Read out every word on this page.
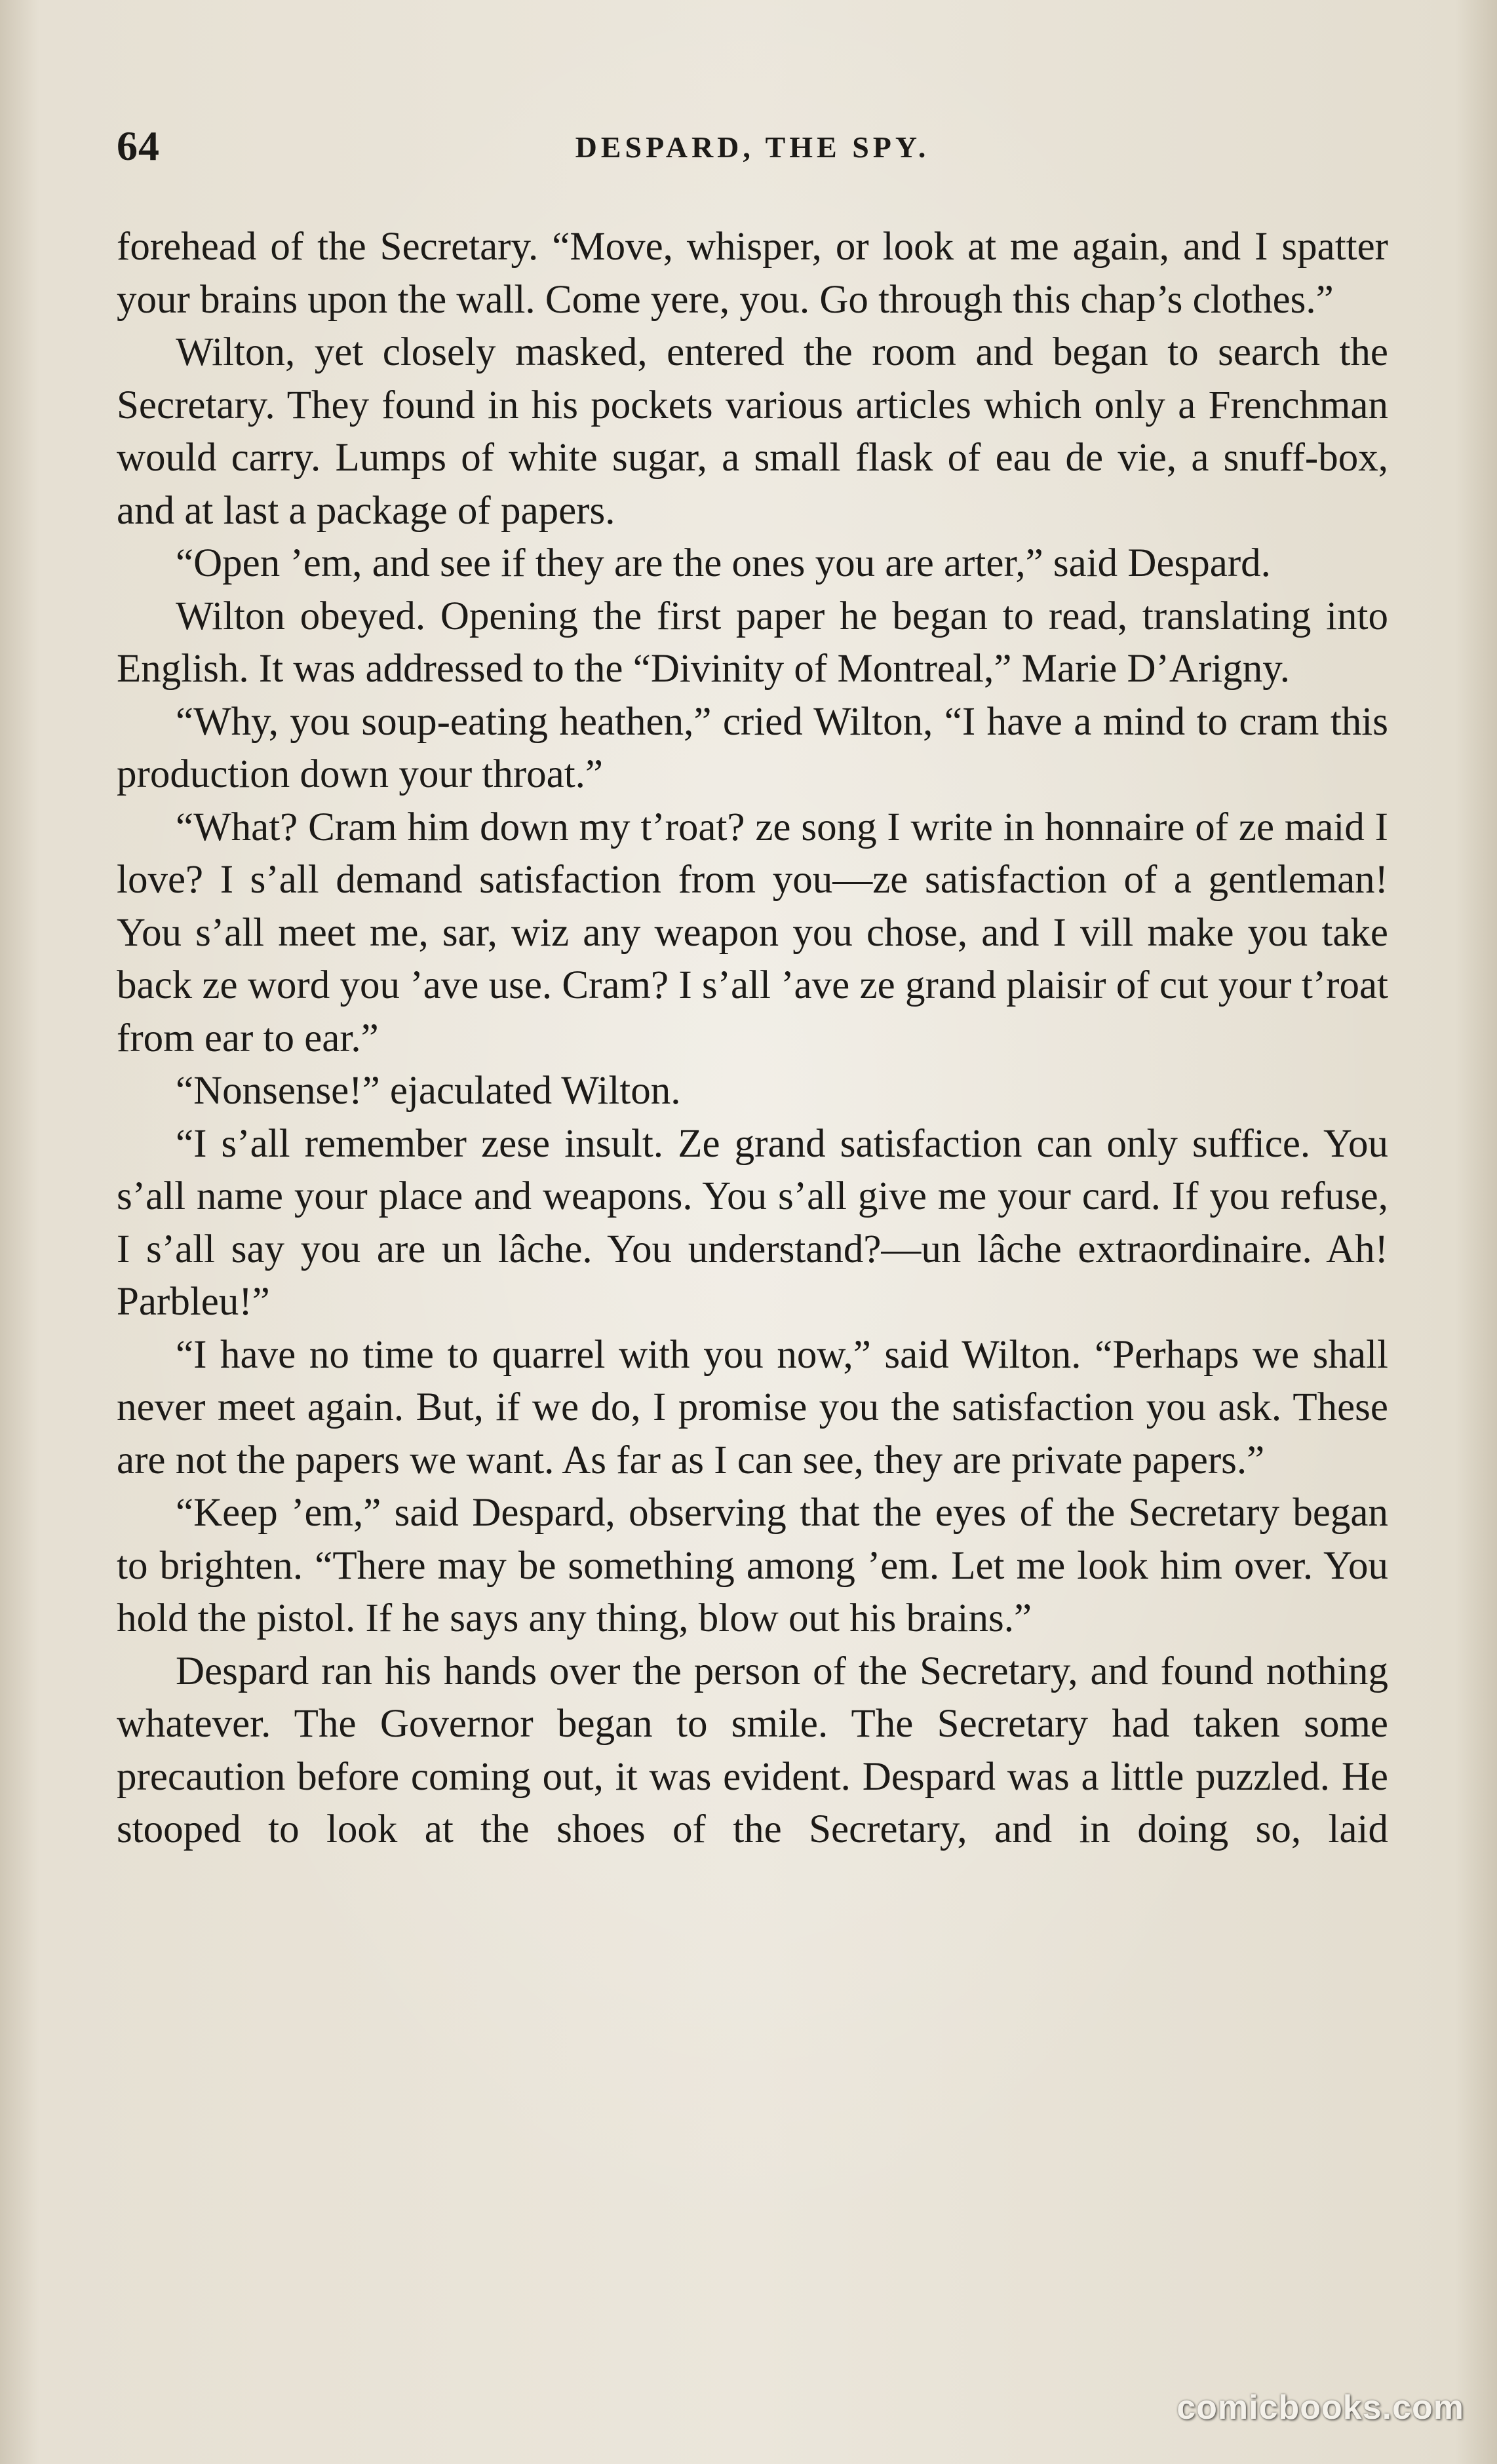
64	DESPARD, THE SPY.

forehead of the Secretary. “Move, whisper, or look at me again, and I spatter your brains upon the wall. Come yere, you. Go through this chap’s clothes.”

Wilton, yet closely masked, entered the room and began to search the Secretary. They found in his pockets various articles which only a Frenchman would carry. Lumps of white sugar, a small flask of eau de vie, a snuff-box, and at last a package of papers.

“Open ’em, and see if they are the ones you are arter,” said Despard.

Wilton obeyed. Opening the first paper he began to read, translating into English. It was addressed to the “Divinity of Montreal,” Marie D’Arigny.

“Why, you soup-eating heathen,” cried Wilton, “I have a mind to cram this production down your throat.”

“What? Cram him down my t’roat? ze song I write in honnaire of ze maid I love? I s’all demand satisfaction from you—ze satisfaction of a gentleman! You s’all meet me, sar, wiz any weapon you chose, and I vill make you take back ze word you ’ave use. Cram? I s’all ’ave ze grand plaisir of cut your t’roat from ear to ear.”

“Nonsense!” ejaculated Wilton.

“I s’all remember zese insult. Ze grand satisfaction can only suffice. You s’all name your place and weapons. You s’all give me your card. If you refuse, I s’all say you are un lâche. You understand?—un lâche extraordinaire. Ah! Parbleu!”

“I have no time to quarrel with you now,” said Wilton. “Perhaps we shall never meet again. But, if we do, I promise you the satisfaction you ask. These are not the papers we want. As far as I can see, they are private papers.”

“Keep ’em,” said Despard, observing that the eyes of the Secretary began to brighten. “There may be something among ’em. Let me look him over. You hold the pistol. If he says any thing, blow out his brains.”

Despard ran his hands over the person of the Secretary, and found nothing whatever. The Governor began to smile. The Secretary had taken some precaution before coming out, it was evident. Despard was a little puzzled. He stooped to look at the shoes of the Secretary, and in doing so, laid

comicbooks.com
